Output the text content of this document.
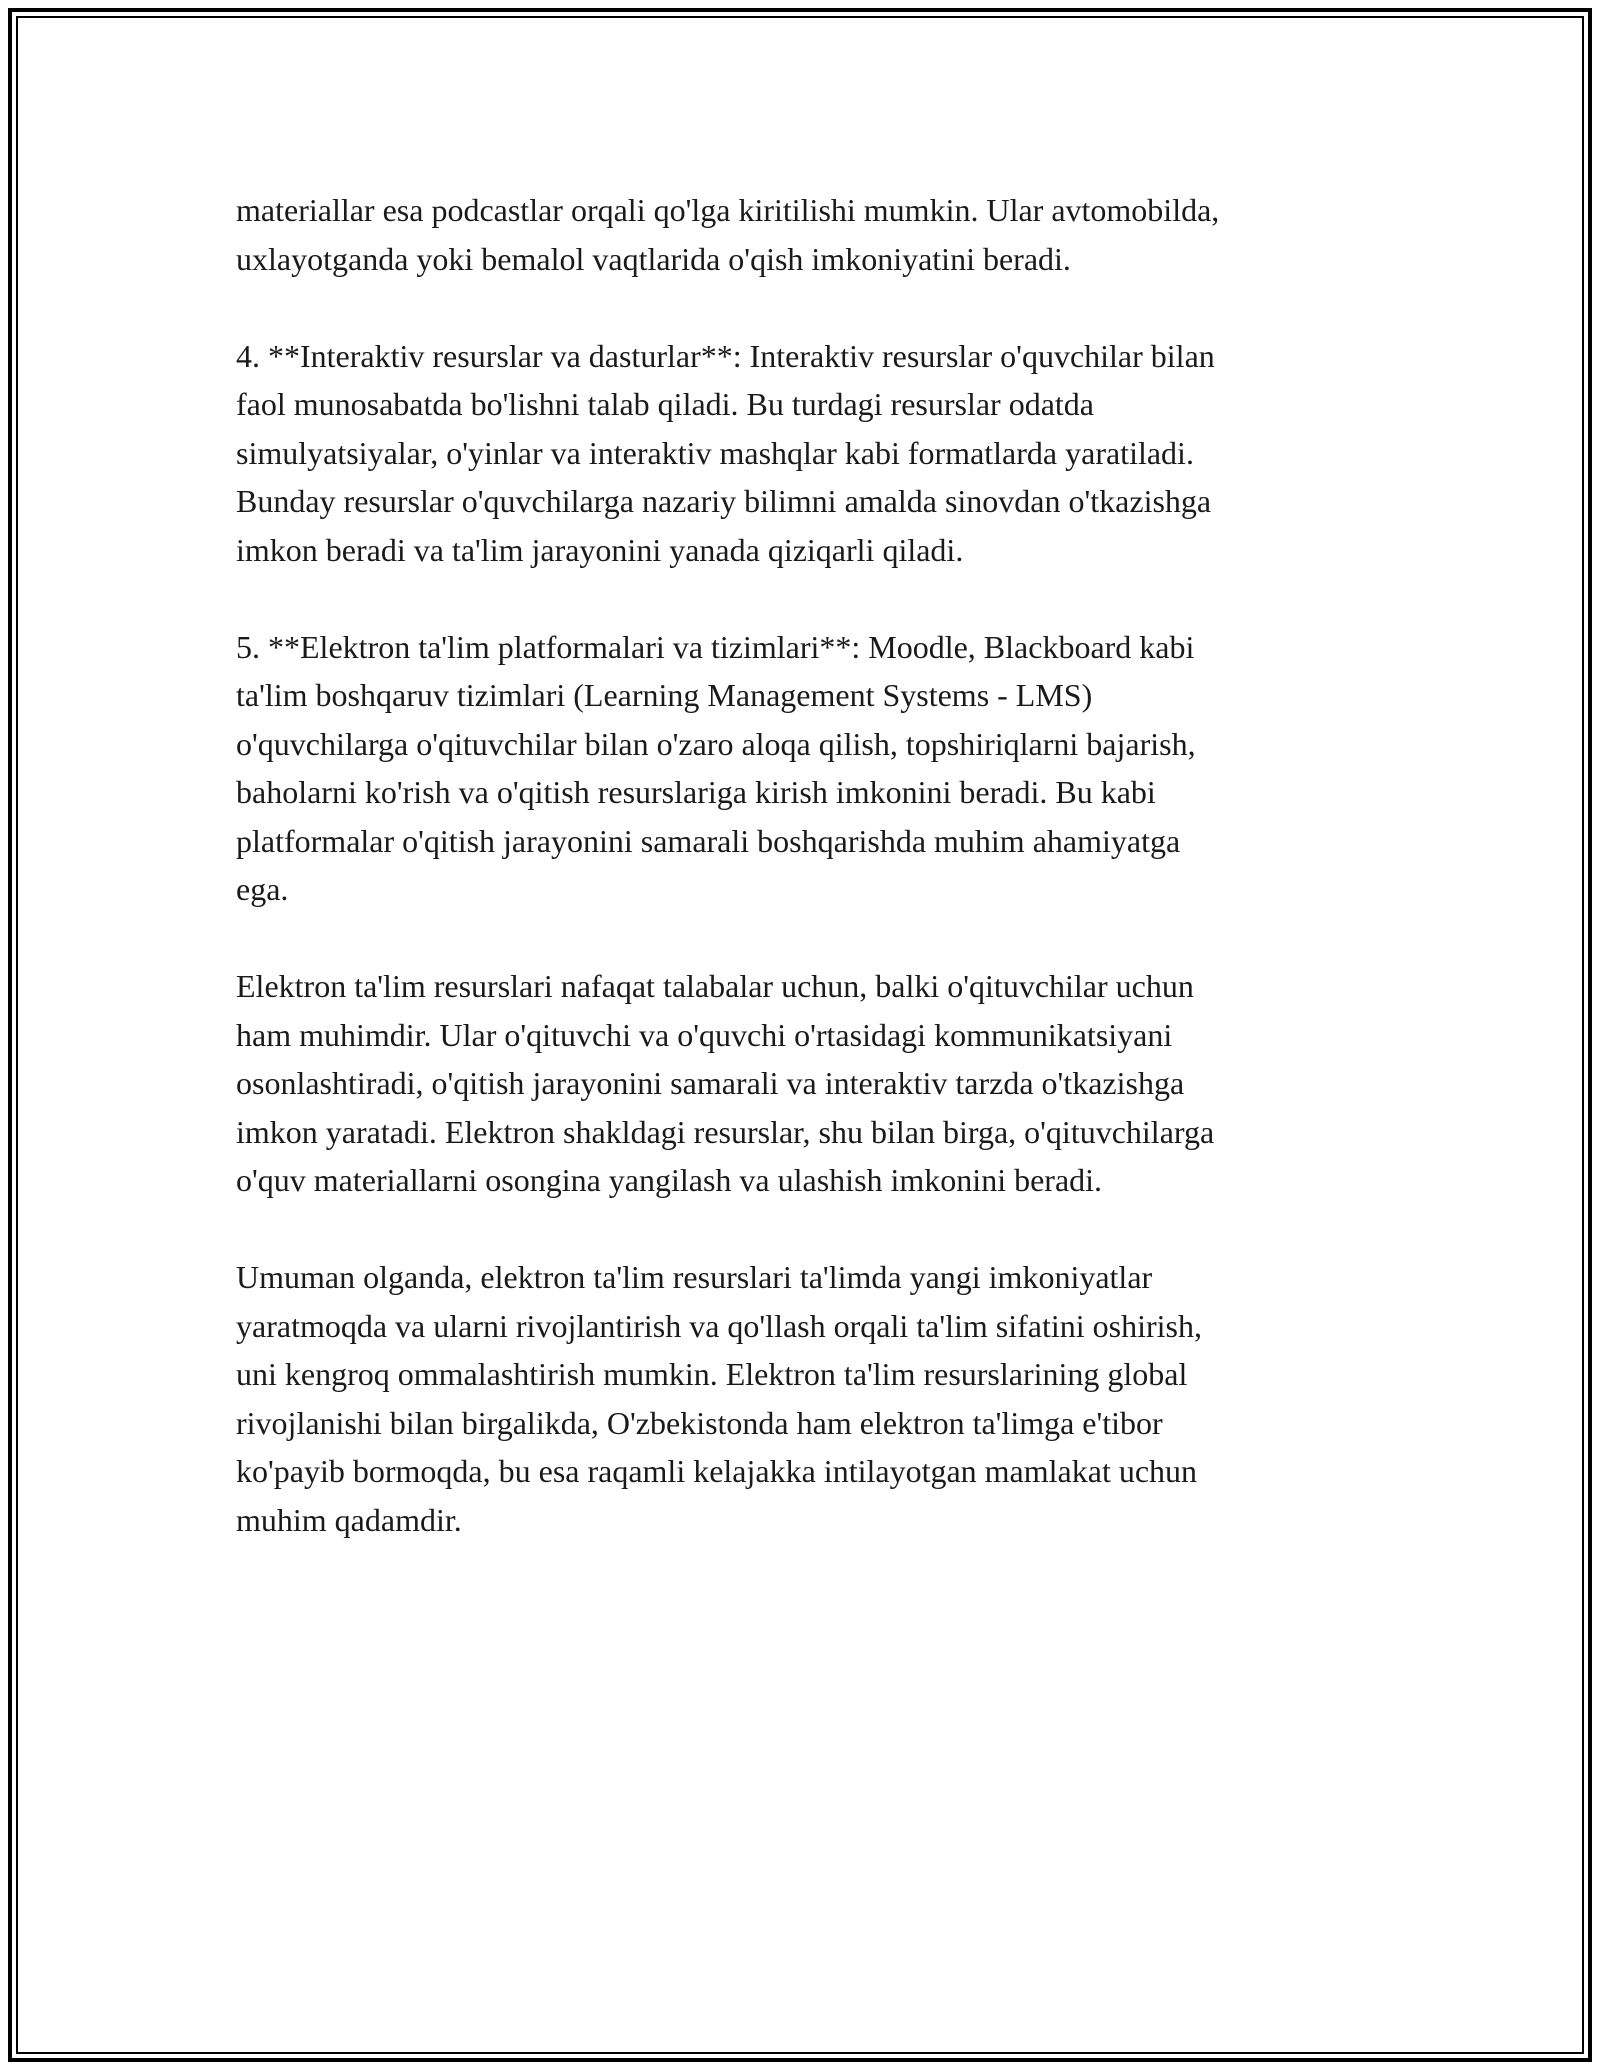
materiallar esa podcastlar orqali qo'lga kiritilishi mumkin. Ular avtomobilda,
uxlayotganda yoki bemalol vaqtlarida o'qish imkoniyatini beradi.
4. **Interaktiv resurslar va dasturlar**: Interaktiv resurslar o'quvchilar bilan
faol munosabatda bo'lishni talab qiladi. Bu turdagi resurslar odatda
simulyatsiyalar, o'yinlar va interaktiv mashqlar kabi formatlarda yaratiladi.
Bunday resurslar o'quvchilarga nazariy bilimni amalda sinovdan o'tkazishga
imkon beradi va ta'lim jarayonini yanada qiziqarli qiladi.
5. **Elektron ta'lim platformalari va tizimlari**: Moodle, Blackboard kabi
ta'lim boshqaruv tizimlari (Learning Management Systems - LMS)
o'quvchilarga o'qituvchilar bilan o'zaro aloqa qilish, topshiriqlarni bajarish,
baholarni ko'rish va o'qitish resurslariga kirish imkonini beradi. Bu kabi
platformalar o'qitish jarayonini samarali boshqarishda muhim ahamiyatga
ega.
Elektron ta'lim resurslari nafaqat talabalar uchun, balki o'qituvchilar uchun
ham muhimdir. Ular o'qituvchi va o'quvchi o'rtasidagi kommunikatsiyani
osonlashtiradi, o'qitish jarayonini samarali va interaktiv tarzda o'tkazishga
imkon yaratadi. Elektron shakldagi resurslar, shu bilan birga, o'qituvchilarga
o'quv materiallarni osongina yangilash va ulashish imkonini beradi.
Umuman olganda, elektron ta'lim resurslari ta'limda yangi imkoniyatlar
yaratmoqda va ularni rivojlantirish va qo'llash orqali ta'lim sifatini oshirish,
uni kengroq ommalashtirish mumkin. Elektron ta'lim resurslarining global
rivojlanishi bilan birgalikda, O'zbekistonda ham elektron ta'limga e'tibor
ko'payib bormoqda, bu esa raqamli kelajakka intilayotgan mamlakat uchun
muhim qadamdir.
